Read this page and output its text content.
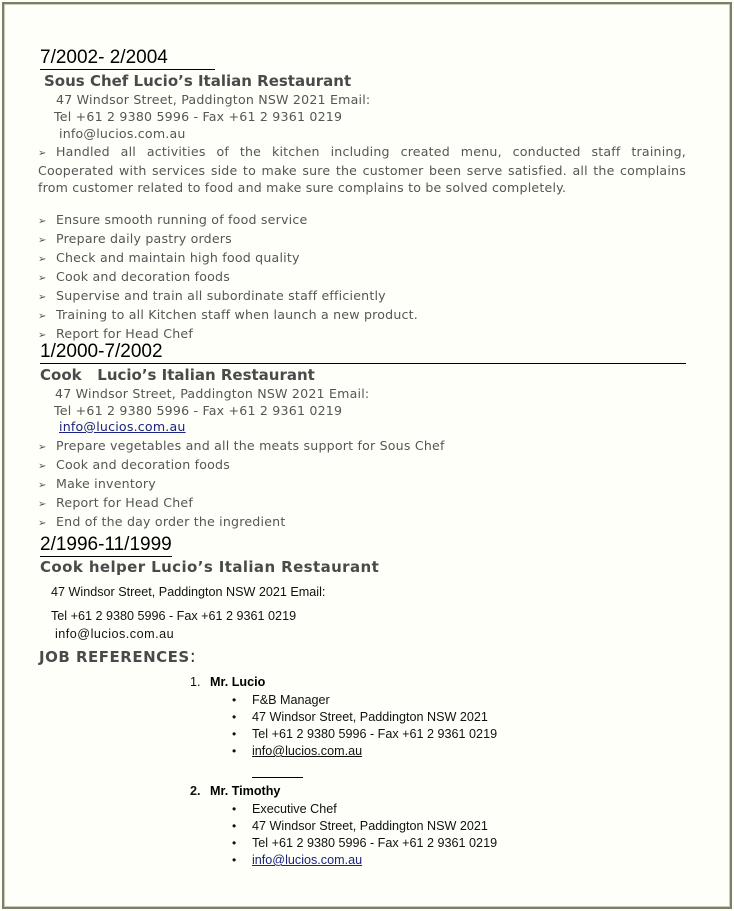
7/2002- 2/2004
Sous Chef Lucio’s Italian Restaurant
47 Windsor Street, Paddington NSW 2021 Email:
Tel +61 2 9380 5996 - Fax +61 2 9361 0219
info@lucios.com.au
➢ Handled all activities of the kitchen including created menu, conducted staff training, Cooperated with services side to make sure the customer been serve satisfied. all the complains from customer related to food and make sure complains to be solved completely.
➢ Ensure smooth running of food service
➢ Prepare daily pastry orders
➢ Check and maintain high food quality
➢ Cook and decoration foods
➢ Supervise and train all subordinate staff efficiently
➢ Training to all Kitchen staff when launch a new product.
➢ Report for Head Chef
1/2000-7/2002
Cook   Lucio’s Italian Restaurant
47 Windsor Street, Paddington NSW 2021 Email:
Tel +61 2 9380 5996 - Fax +61 2 9361 0219
info@lucios.com.au
➢ Prepare vegetables and all the meats support for Sous Chef
➢ Cook and decoration foods
➢ Make inventory
➢ Report for Head Chef
➢ End of the day order the ingredient
2/1996-11/1999
Cook helper Lucio’s Italian Restaurant
47 Windsor Street, Paddington NSW 2021 Email:
Tel +61 2 9380 5996 - Fax +61 2 9361 0219
info@lucios.com.au
JOB REFERENCES:
1. Mr. Lucio
• F&B Manager
• 47 Windsor Street, Paddington NSW 2021
• Tel +61 2 9380 5996 - Fax +61 2 9361 0219
• info@lucios.com.au
2. Mr. Timothy
• Executive Chef
• 47 Windsor Street, Paddington NSW 2021
• Tel +61 2 9380 5996 - Fax +61 2 9361 0219
• info@lucios.com.au
